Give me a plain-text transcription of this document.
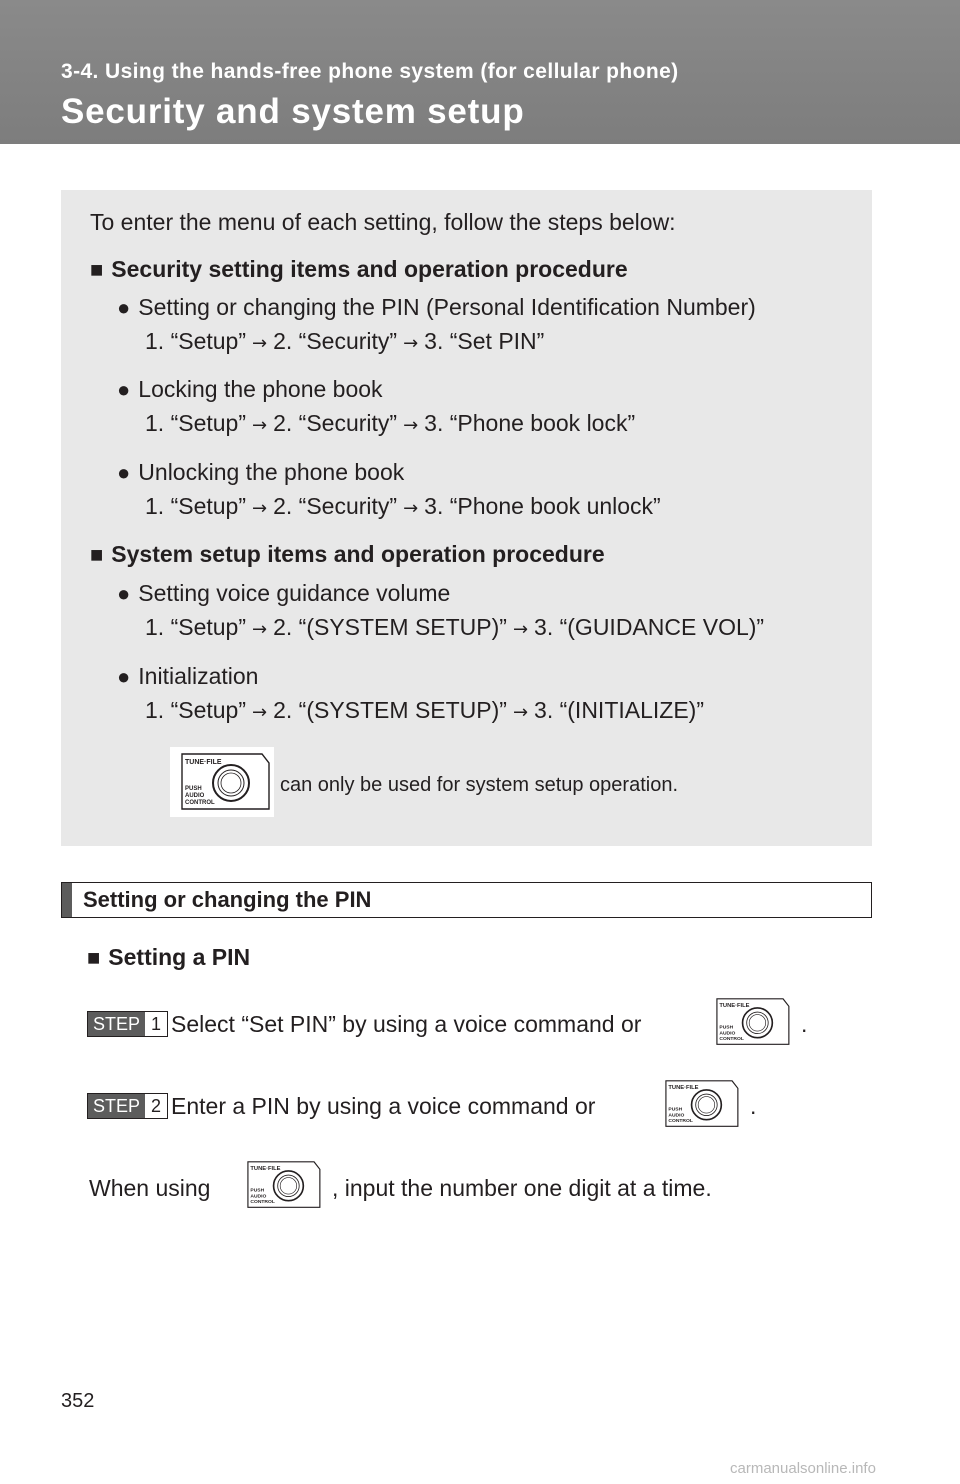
3-4. Using the hands-free phone system (for cellular phone)
Security and system setup
To enter the menu of each setting, follow the steps below:
■ Security setting items and operation procedure
● Setting or changing the PIN (Personal Identification Number)
1. “Setup” → 2. “Security” → 3. “Set PIN”
● Locking the phone book
1. “Setup” → 2. “Security” → 3. “Phone book lock”
● Unlocking the phone book
1. “Setup” → 2. “Security” → 3. “Phone book unlock”
■ System setup items and operation procedure
● Setting voice guidance volume
1. “Setup” → 2. “(SYSTEM SETUP)” → 3. “(GUIDANCE VOL)”
● Initialization
1. “Setup” → 2. “(SYSTEM SETUP)” → 3. “(INITIALIZE)”
TUNE·FILE
PUSH
AUDIO
CONTROL
can only be used for system setup operation.
Setting or changing the PIN
■ Setting a PIN
STEP 1 Select “Set PIN” by using a voice command or
TUNE·FILE
PUSH
AUDIO
CONTROL
.
STEP 2 Enter a PIN by using a voice command or
TUNE·FILE
PUSH
AUDIO
CONTROL
.
When using
TUNE·FILE
PUSH
AUDIO
CONTROL
, input the number one digit at a time.
352
carmanualsonline.info
